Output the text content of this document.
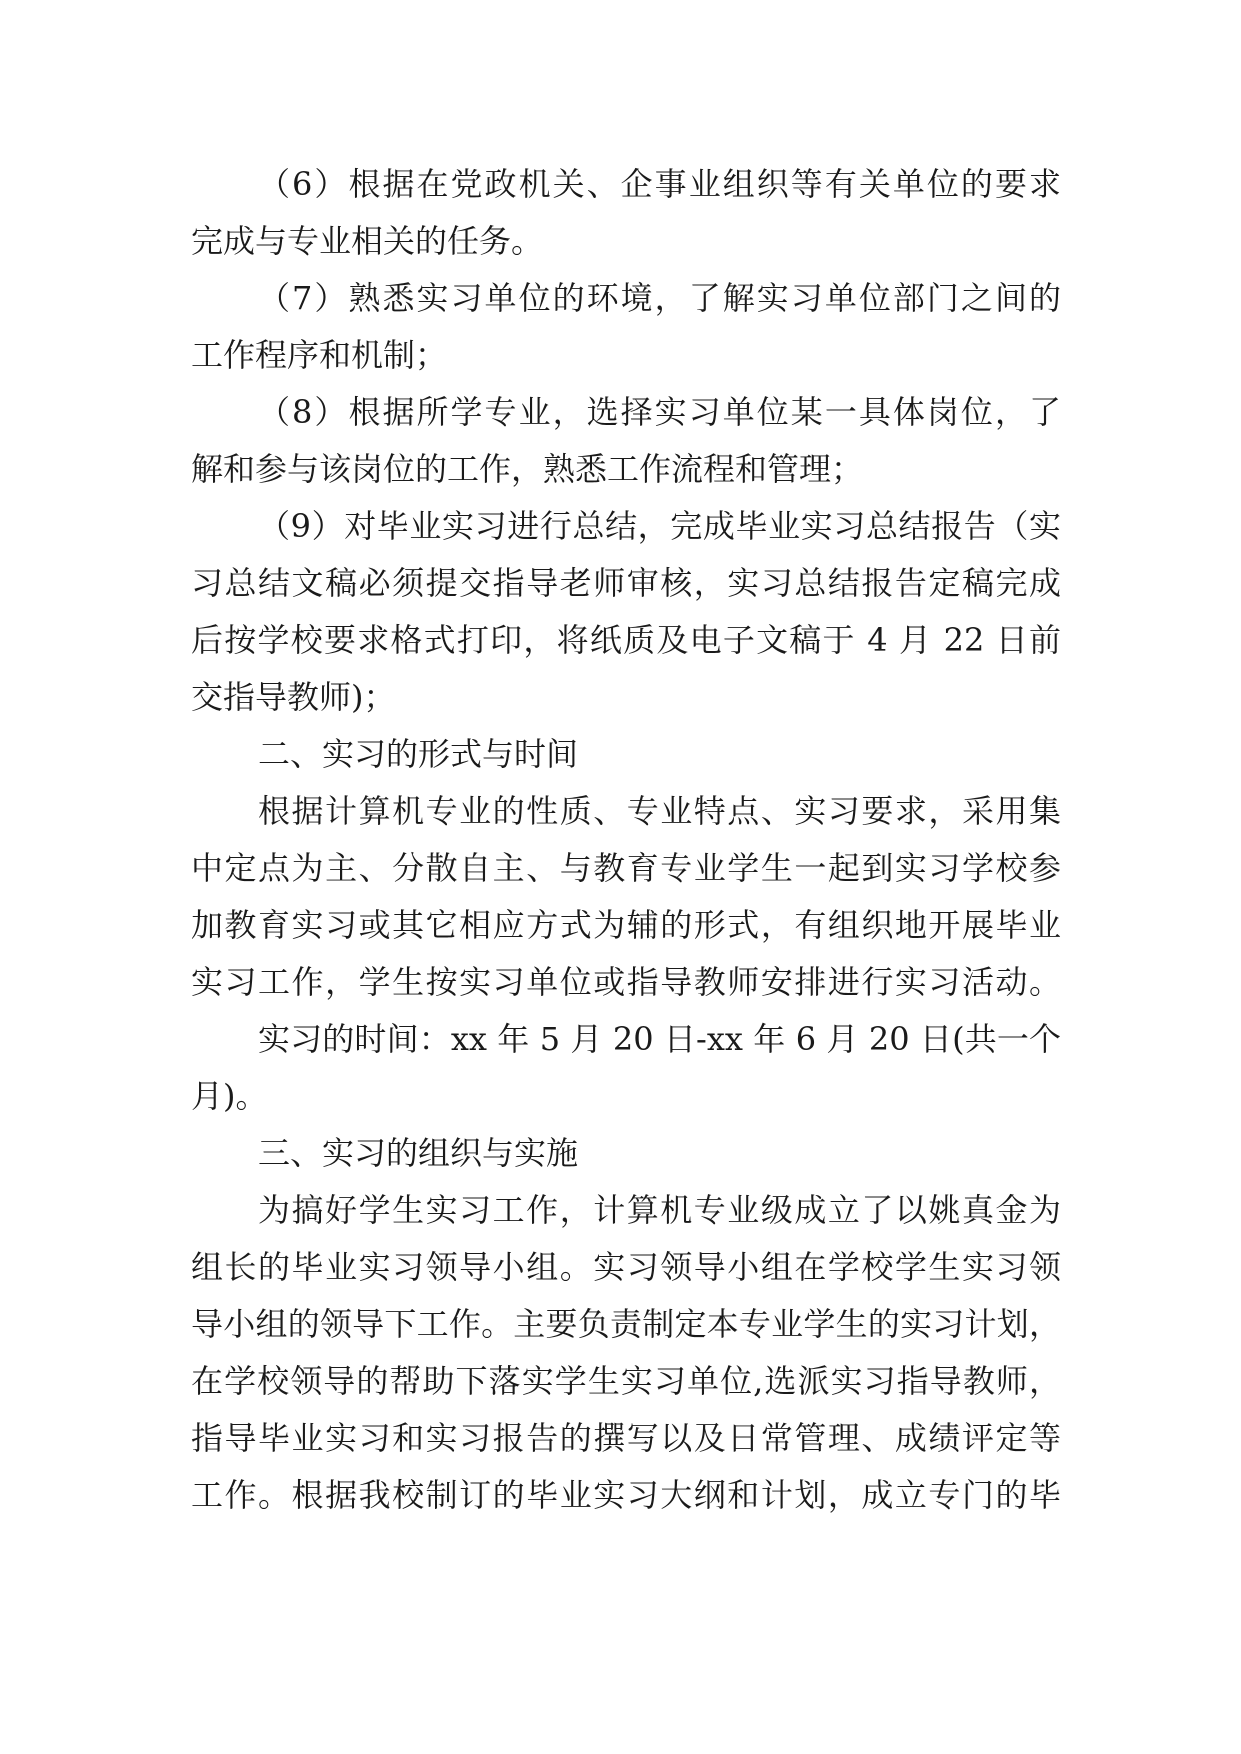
（6）根据在党政机关、企事业组织等有关单位的要求
完成与专业相关的任务。
（7）熟悉实习单位的环境，了解实习单位部门之间的
工作程序和机制；
（8）根据所学专业，选择实习单位某一具体岗位，了
解和参与该岗位的工作，熟悉工作流程和管理；
（9）对毕业实习进行总结，完成毕业实习总结报告（实
习总结文稿必须提交指导老师审核，实习总结报告定稿完成
后按学校要求格式打印，将纸质及电子文稿于 4 月 22 日前
交指导教师)；
二、实习的形式与时间
根据计算机专业的性质、专业特点、实习要求，采用集
中定点为主、分散自主、与教育专业学生一起到实习学校参
加教育实习或其它相应方式为辅的形式，有组织地开展毕业
实习工作，学生按实习单位或指导教师安排进行实习活动。
实习的时间：xx 年 5 月 20 日-xx 年 6 月 20 日(共一个
月)。
三、实习的组织与实施
为搞好学生实习工作，计算机专业级成立了以姚真金为
组长的毕业实习领导小组。实习领导小组在学校学生实习领
导小组的领导下工作。主要负责制定本专业学生的实习计划，
在学校领导的帮助下落实学生实习单位,选派实习指导教师，
指导毕业实习和实习报告的撰写以及日常管理、成绩评定等
工作。根据我校制订的毕业实习大纲和计划，成立专门的毕
